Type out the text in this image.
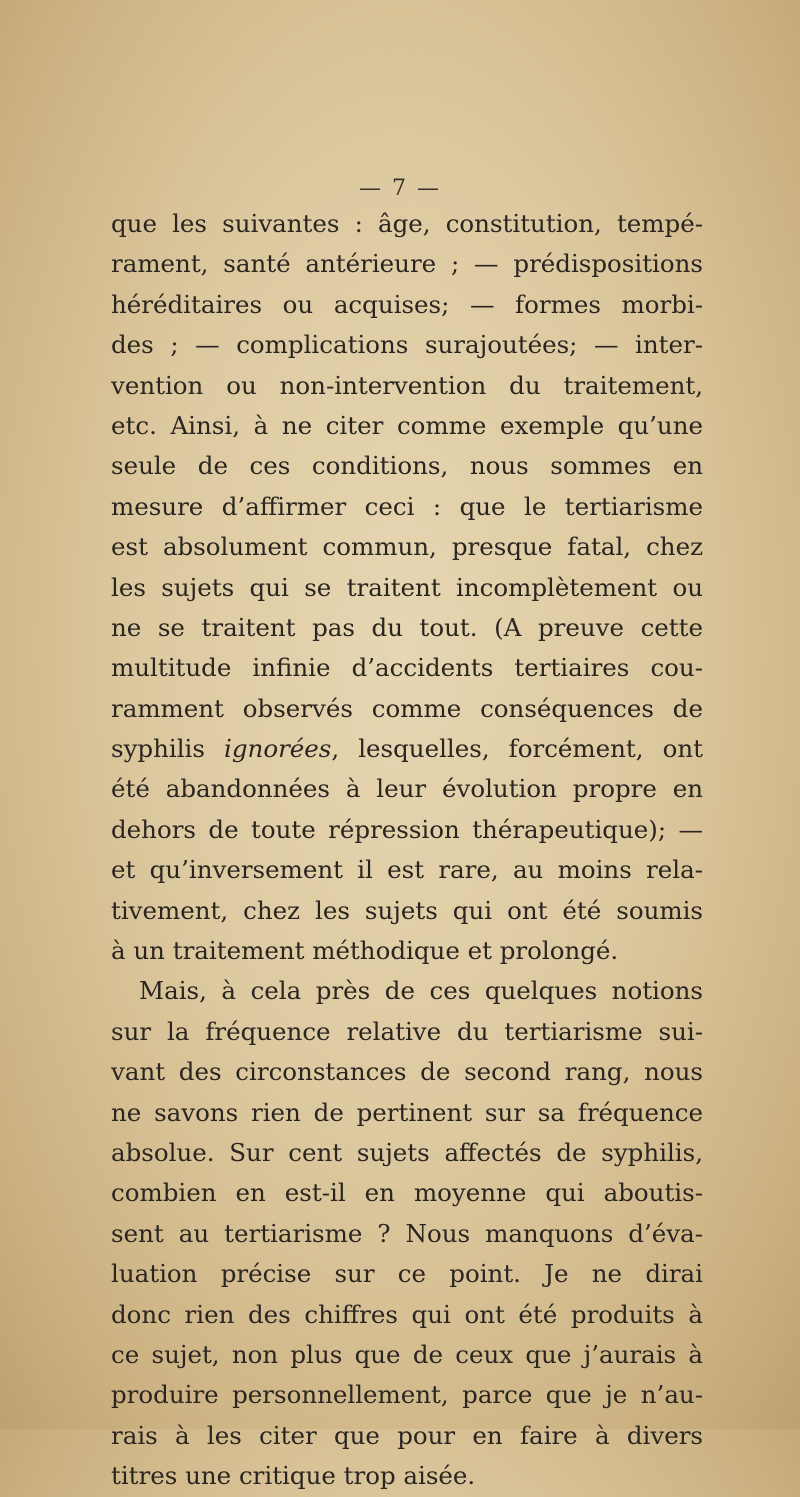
— 7 —
que les suivantes : âge, constitution, tempé-
rament, santé antérieure ; — prédispositions
héréditaires ou acquises; — formes morbi-
des ; — complications surajoutées; — inter-
vention ou non-intervention du traitement,
etc. Ainsi, à ne citer comme exemple qu’une
seule de ces conditions, nous sommes en
mesure d’affirmer ceci : que le tertiarisme
est absolument commun, presque fatal, chez
les sujets qui se traitent incomplètement ou
ne se traitent pas du tout. (A preuve cette
multitude infinie d’accidents tertiaires cou-
ramment observés comme conséquences de
syphilis ignorées, lesquelles, forcément, ont
été abandonnées à leur évolution propre en
dehors de toute répression thérapeutique); —
et qu’inversement il est rare, au moins rela-
tivement, chez les sujets qui ont été soumis
à un traitement méthodique et prolongé.
Mais, à cela près de ces quelques notions
sur la fréquence relative du tertiarisme sui-
vant des circonstances de second rang, nous
ne savons rien de pertinent sur sa fréquence
absolue. Sur cent sujets affectés de syphilis,
combien en est-il en moyenne qui aboutis-
sent au tertiarisme ? Nous manquons d’éva-
luation précise sur ce point. Je ne dirai
donc rien des chiffres qui ont été produits à
ce sujet, non plus que de ceux que j’aurais à
produire personnellement, parce que je n’au-
rais à les citer que pour en faire à divers
titres une critique trop aisée.
